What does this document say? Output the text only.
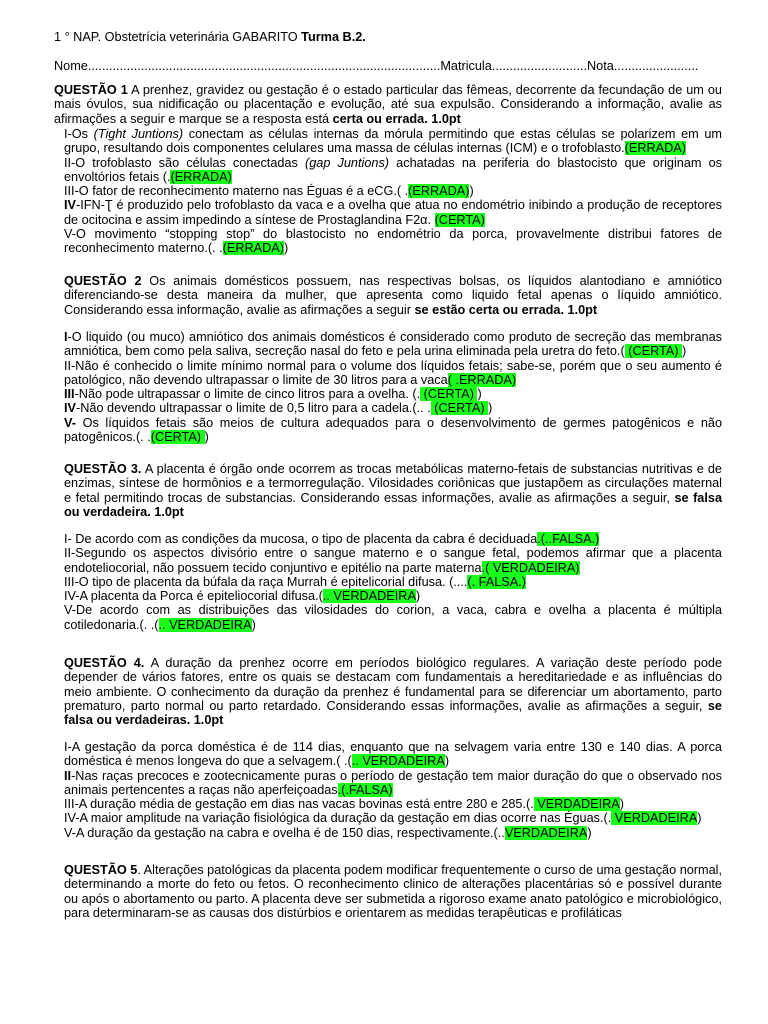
1 ° NAP. Obstetrícia veterinária GABARITO Turma B.2.
Nome....................................................................................................Matricula...........................Nota........................

QUESTÃO 1 A prenhez, gravidez ou gestação é o estado particular das fêmeas, decorrente da fecundação de um ou mais óvulos, sua nidificação ou placentação e evolução, até sua expulsão. Considerando a informação, avalie as afirmações a seguir e marque se a resposta está certa ou errada. 1.0pt

I-Os (Tight Juntions) conectam as células internas da mórula permitindo que estas células se polarizem em um grupo, resultando dois componentes celulares uma massa de células internas (ICM) e o trofoblasto.(ERRADA)

II-O trofoblasto são células conectadas (gap Juntions) achatadas na periferia do blastocisto que originam os envoltórios fetais (.(ERRADA)

III-O fator de reconhecimento materno nas Éguas é a eCG.( .(ERRADA))

IV-IFN-Ʈ é produzido pelo trofoblasto da vaca e a ovelha que atua no endométrio inibindo a produção de receptores de ocitocina e assim impedindo a síntese de Prostaglandina F2α. (CERTA)

V-O movimento “stopping stop” do blastocisto no endométrio da porca, provavelmente distribui fatores de reconhecimento materno.(. .(ERRADA))

QUESTÃO 2 Os animais domésticos possuem, nas respectivas bolsas, os líquidos alantodiano e amniótico diferenciando-se desta maneira da mulher, que apresenta como liquido fetal apenas o líquido amniótico. Considerando essa informação, avalie as afirmações a seguir se estão certa ou errada. 1.0pt

I-O liquido (ou muco) amniótico dos animais domésticos é considerado como produto de secreção das membranas amniótica, bem como pela saliva, secreção nasal do feto e pela urina eliminada pela uretra do feto.( (CERTA) )

II-Não é conhecido o limite mínimo normal para o volume dos líquidos fetais; sabe-se, porém que o seu aumento é patológico, não devendo ultrapassar o limite de 30 litros para a vaca( .ERRADA)

III-Não pode ultrapassar o limite de cinco litros para a ovelha. (. (CERTA) )

IV-Não devendo ultrapassar o limite de 0,5 litro para a cadela.(.. . (CERTA) )

V- Os líquidos fetais são meios de cultura adequados para o desenvolvimento de germes patogênicos e não patogênicos.(. .(CERTA) )

QUESTÃO 3. A placenta é órgão onde ocorrem as trocas metabólicas materno-fetais de substancias nutritivas e de enzimas, síntese de hormônios e a termorregulação. Vilosidades coriônicas que justapõem as circulações maternal e fetal permitindo trocas de substancias. Considerando essas informações, avalie as afirmações a seguir, se falsa ou verdadeira. 1.0pt

I- De acordo com as condições da mucosa, o tipo de placenta da cabra é deciduada.(..FALSA.)

II-Segundo os aspectos divisório entre o sangue materno e o sangue fetal, podemos afirmar que a placenta endoteliocorial, não possuem tecido conjuntivo e epitélio na parte materna.( VERDADEIRA)

III-O tipo de placenta da búfala da raça Murrah é epitelicorial difusa. (....(. FALSA.)

IV-A placenta da Porca é epiteliocorial difusa.(.. VERDADEIRA)

V-De acordo com as distribuições das vilosidades do corion, a vaca, cabra e ovelha a placenta é múltipla cotiledonaria.(. .(.. VERDADEIRA)

QUESTÃO 4. A duração da prenhez ocorre em períodos biológico regulares. A variação deste período pode depender de vários fatores, entre os quais se destacam com fundamentais a hereditariedade e as influências do meio ambiente. O conhecimento da duração da prenhez é fundamental para se diferenciar um abortamento, parto prematuro, parto normal ou parto retardado. Considerando essas informações, avalie as afirmações a seguir, se falsa ou verdadeiras. 1.0pt

I-A gestação da porca doméstica é de 114 dias, enquanto que na selvagem varia entre 130 e 140 dias. A porca doméstica é menos longeva do que a selvagem.( .(.. VERDADEIRA)

II-Nas raças precoces e zootecnicamente puras o período de gestação tem maior duração do que o observado nos animais pertencentes a raças não aperfeiçoadas.(.FALSA)

III-A duração média de gestação em dias nas vacas bovinas está entre 280 e 285.(. VERDADEIRA)

IV-A maior amplitude na variação fisiológica da duração da gestação em dias ocorre nas Éguas.(. VERDADEIRA)

V-A duração da gestação na cabra e ovelha é de 150 dias, respectivamente.(..VERDADEIRA)

QUESTÃO 5. Alterações patológicas da placenta podem modificar frequentemente o curso de uma gestação normal, determinando a morte do feto ou fetos. O reconhecimento clinico de alterações placentárias só e possível durante ou após o abortamento ou parto. A placenta deve ser submetida a rigoroso exame anato patológico e microbiológico, para determinaram-se as causas dos distúrbios e orientarem as medidas terapêuticas e profiláticas
